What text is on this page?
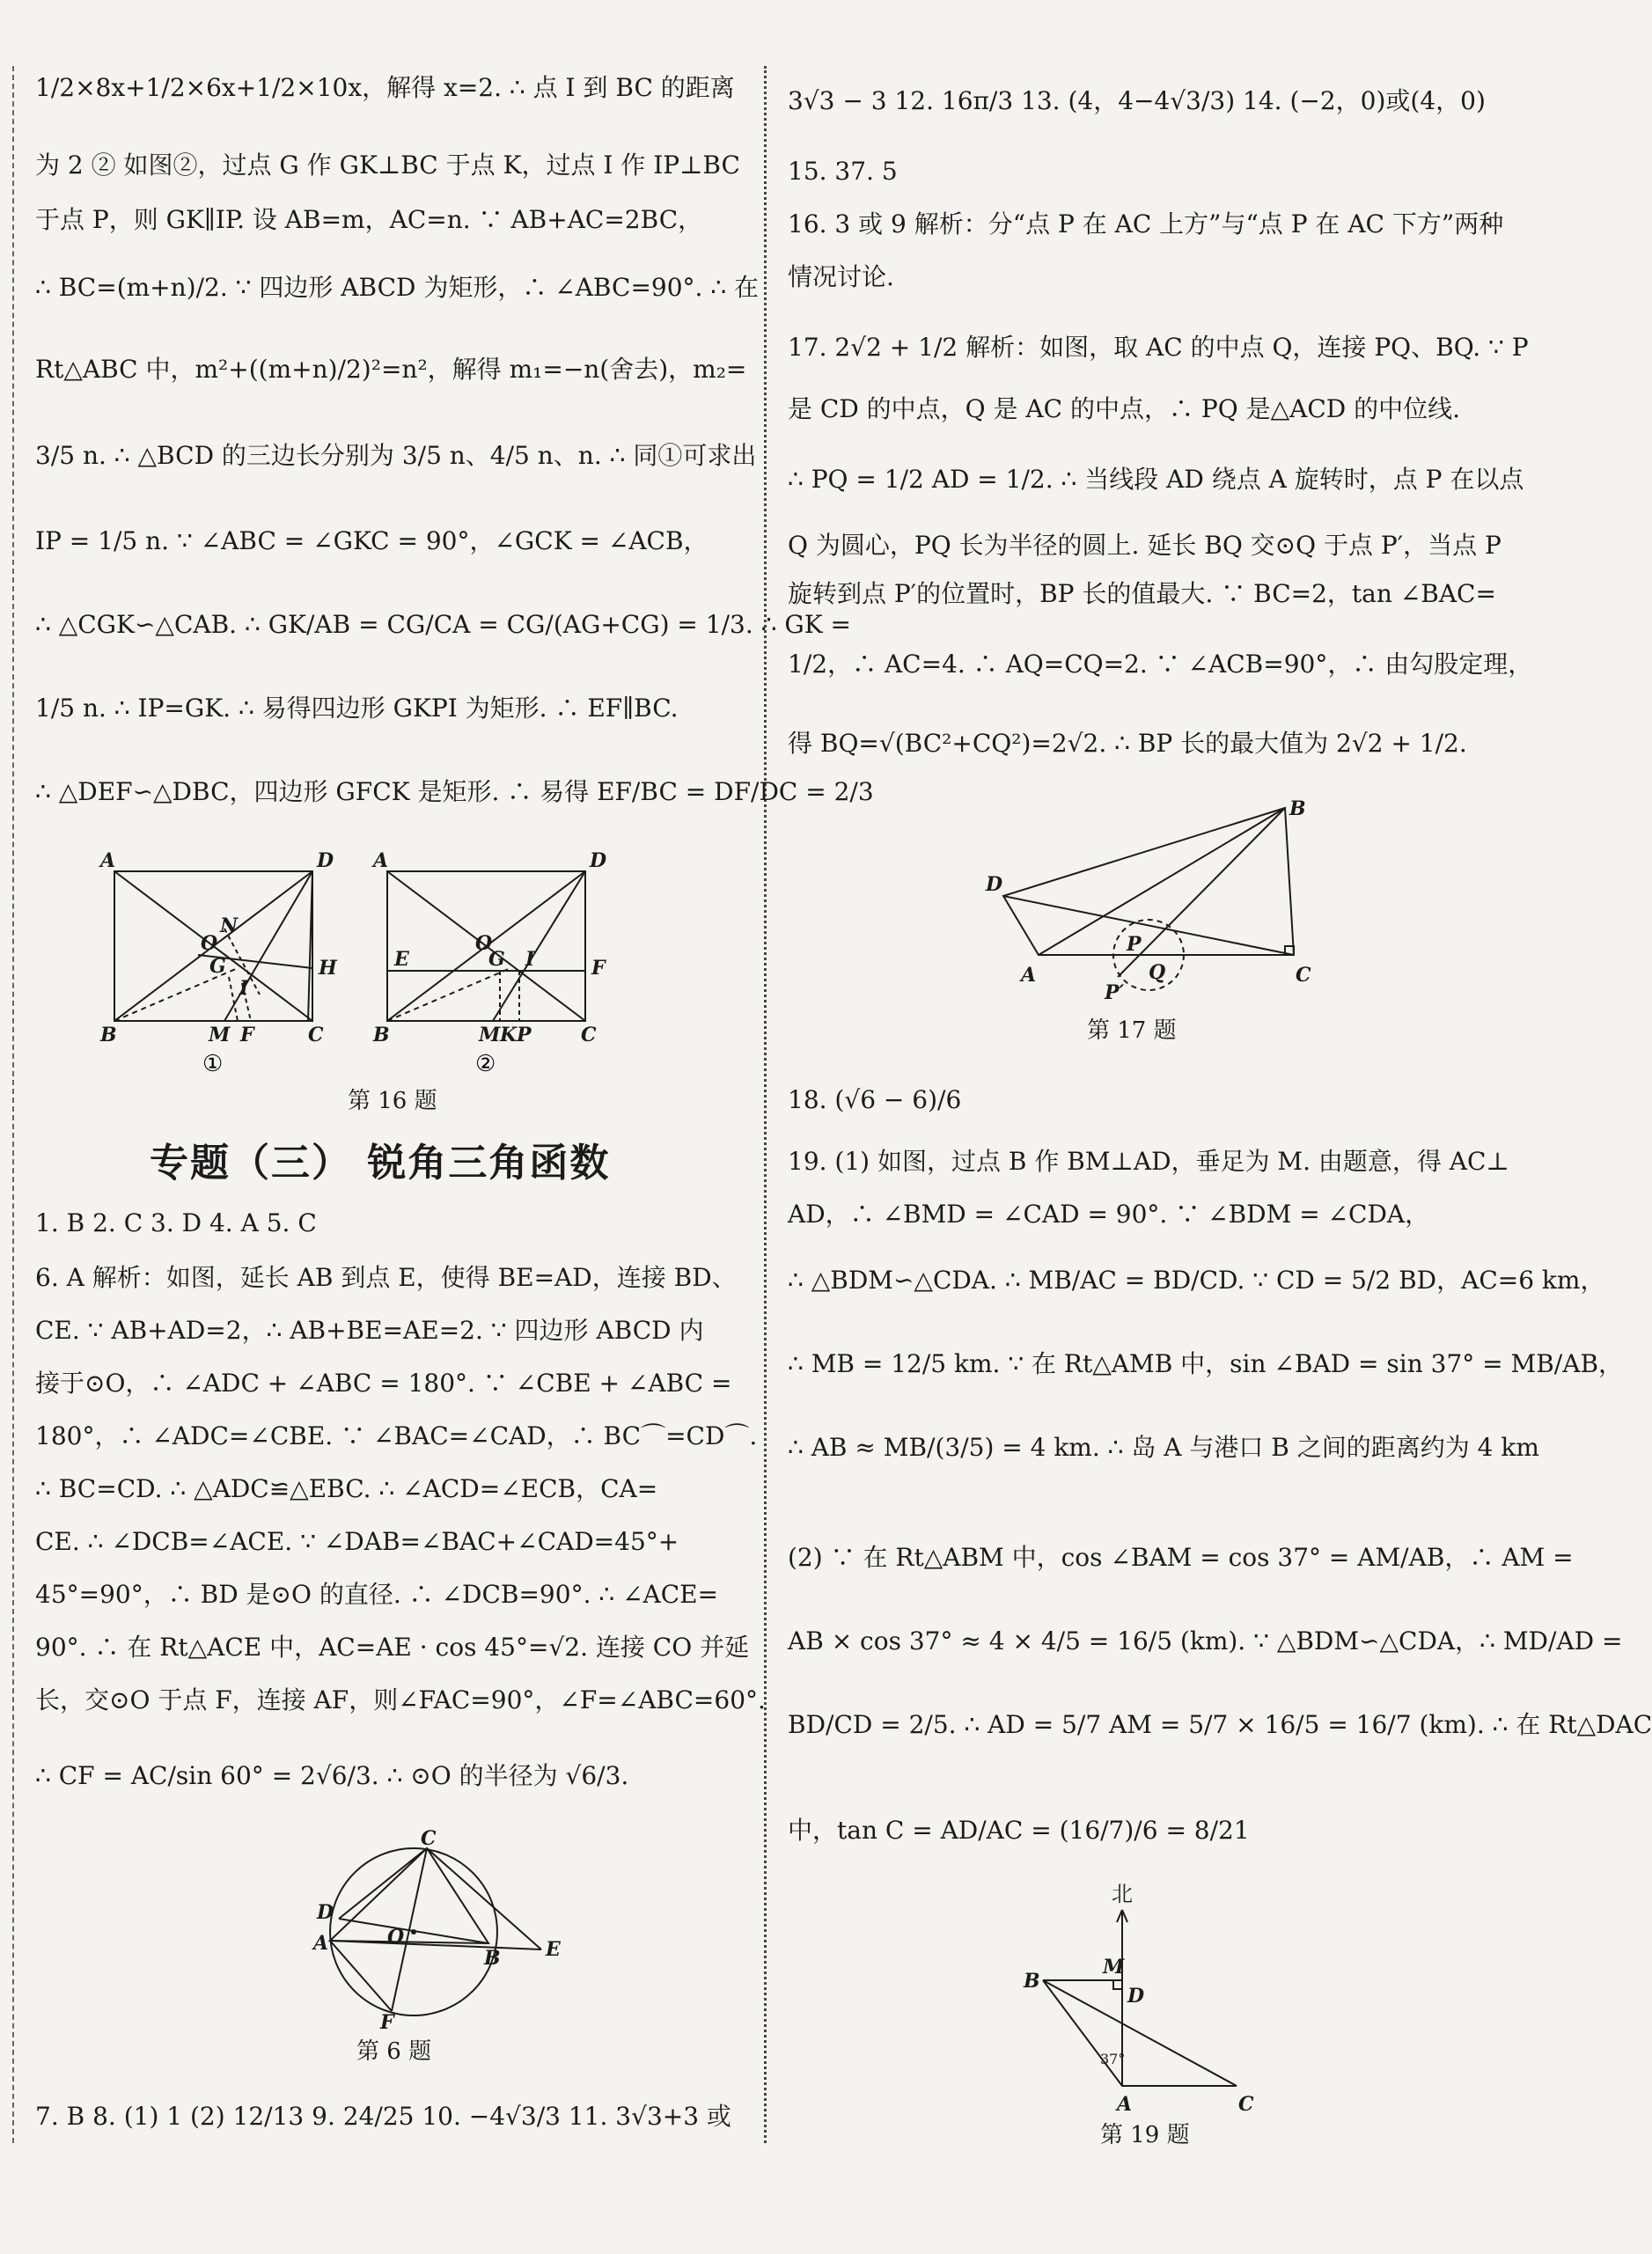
1/2×8x+1/2×6x+1/2×10x，解得 x=2. ∴ 点 I 到 BC 的距离
为 2 ② 如图②，过点 G 作 GK⊥BC 于点 K，过点 I 作 IP⊥BC
于点 P，则 GK∥IP. 设 AB=m，AC=n. ∵ AB+AC=2BC，
∴ BC=(m+n)/2. ∵ 四边形 ABCD 为矩形，∴ ∠ABC=90°. ∴ 在
Rt△ABC 中，m²+((m+n)/2)²=n²，解得 m₁=−n(舍去)，m₂=
3/5 n. ∴ △BCD 的三边长分别为 3/5 n、4/5 n、n. ∴ 同①可求出
IP = 1/5 n. ∵ ∠ABC = ∠GKC = 90°，∠GCK = ∠ACB，
∴ △CGK∽△CAB. ∴ GK/AB = CG/CA = CG/(AG+CG) = 1/3. ∴ GK =
1/5 n. ∴ IP=GK. ∴ 易得四边形 GKPI 为矩形. ∴ EF∥BC.
∴ △DEF∽△DBC，四边形 GFCK 是矩形. ∴ 易得 EF/BC = DF/DC = 2/3
A	D
B	C
M F
O
N
G
I
H
A	D
B	C
E	F
O
G I
M K P
①	②
第 16 题
专题（三） 锐角三角函数
1. B 2. C 3. D 4. A 5. C
6. A 解析：如图，延长 AB 到点 E，使得 BE=AD，连接 BD、
CE. ∵ AB+AD=2，∴ AB+BE=AE=2. ∵ 四边形 ABCD 内
接于⊙O，∴ ∠ADC + ∠ABC = 180°. ∵ ∠CBE + ∠ABC =
180°，∴ ∠ADC=∠CBE. ∵ ∠BAC=∠CAD，∴ BC⌒=CD⌒.
∴ BC=CD. ∴ △ADC≌△EBC. ∴ ∠ACD=∠ECB，CA=
CE. ∴ ∠DCB=∠ACE. ∵ ∠DAB=∠BAC+∠CAD=45°+
45°=90°，∴ BD 是⊙O 的直径. ∴ ∠DCB=90°. ∴ ∠ACE=
90°. ∴ 在 Rt△ACE 中，AC=AE · cos 45°=√2. 连接 CO 并延
长，交⊙O 于点 F，连接 AF，则∠FAC=90°，∠F=∠ABC=60°.
∴ CF = AC/sin 60° = 2√6/3. ∴ ⊙O 的半径为 √6/3.
C
D
A	O
B E
F
第 6 题
7. B 8. (1) 1 (2) 12/13 9. 24/25 10. −4√3/3 11. 3√3+3 或
3√3 − 3 12. 16π/3 13. (4，4−4√3/3) 14. (−2，0)或(4，0)
15. 37. 5
16. 3 或 9 解析：分“点 P 在 AC 上方”与“点 P 在 AC 下方”两种
情况讨论.
17. 2√2 + 1/2 解析：如图，取 AC 的中点 Q，连接 PQ、BQ. ∵ P
是 CD 的中点，Q 是 AC 的中点，∴ PQ 是△ACD 的中位线.
∴ PQ = 1/2 AD = 1/2. ∴ 当线段 AD 绕点 A 旋转时，点 P 在以点
Q 为圆心，PQ 长为半径的圆上. 延长 BQ 交⊙Q 于点 P′，当点 P
旋转到点 P′的位置时，BP 长的值最大. ∵ BC=2，tan ∠BAC=
1/2，∴ AC=4. ∴ AQ=CQ=2. ∵ ∠ACB=90°，∴ 由勾股定理，
得 BQ=√(BC²+CQ²)=2√2. ∴ BP 长的最大值为 2√2 + 1/2.
B
D
A	C
P
Q
P′
第 17 题
18. (√6 − 6)/6
19. (1) 如图，过点 B 作 BM⊥AD，垂足为 M. 由题意，得 AC⊥
AD，∴ ∠BMD = ∠CAD = 90°. ∵ ∠BDM = ∠CDA，
∴ △BDM∽△CDA. ∴ MB/AC = BD/CD. ∵ CD = 5/2 BD，AC=6 km，
∴ MB = 12/5 km. ∵ 在 Rt△AMB 中，sin ∠BAD = sin 37° = MB/AB，
∴ AB ≈ MB/(3/5) = 4 km. ∴ 岛 A 与港口 B 之间的距离约为 4 km
(2) ∵ 在 Rt△ABM 中，cos ∠BAM = cos 37° = AM/AB，∴ AM =
AB × cos 37° ≈ 4 × 4/5 = 16/5 (km). ∵ △BDM∽△CDA，∴ MD/AD =
BD/CD = 2/5. ∴ AD = 5/7 AM = 5/7 × 16/5 = 16/7 (km). ∴ 在 Rt△DAC
中，tan C = AD/AC = (16/7)/6 = 8/21
北
37°
B
M
D
A	C
第 19 题
